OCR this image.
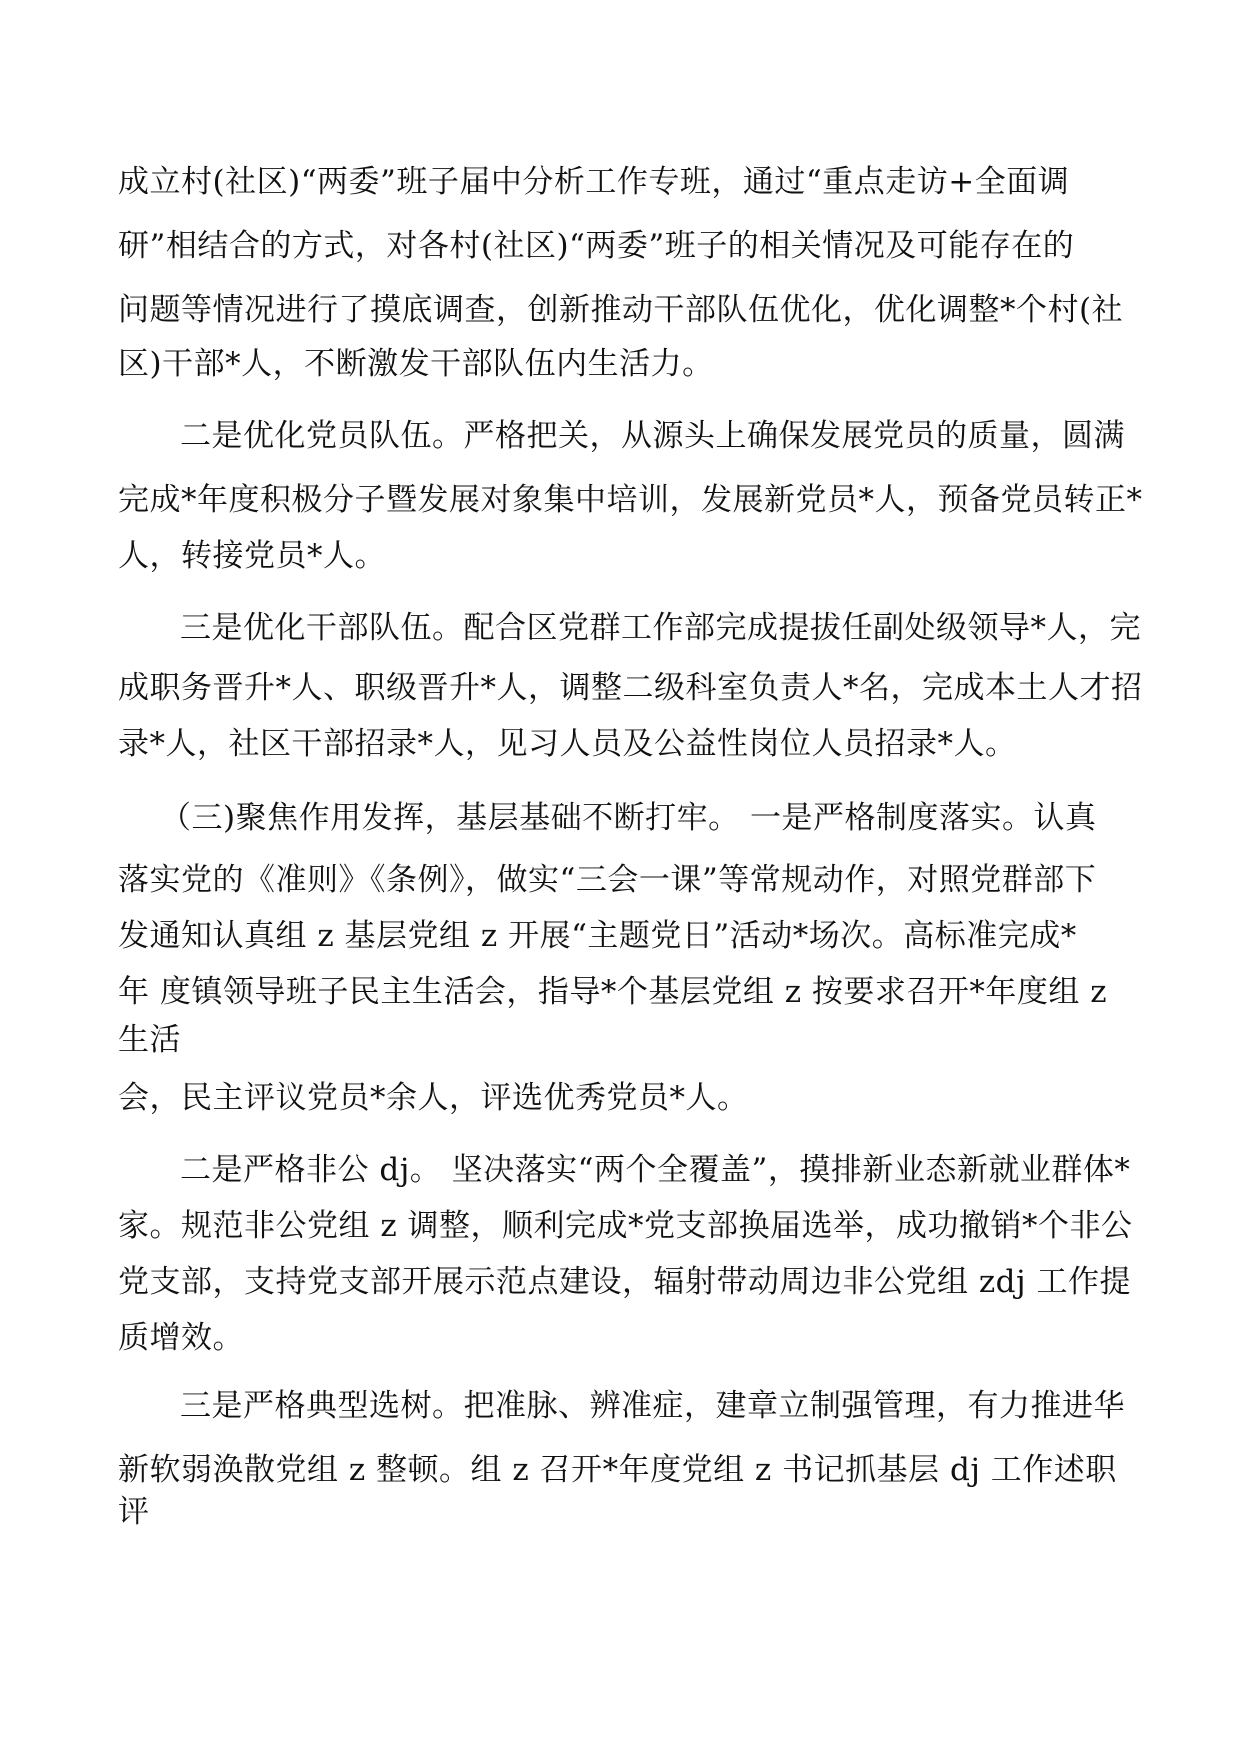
成立村(社区)“两委”班子届中分析工作专班，通过“重点走访+全面调
研”相结合的方式，对各村(社区)“两委”班子的相关情况及可能存在的
问题等情况进行了摸底调查，创新推动干部队伍优化，优化调整*个村(社
区)干部*人，不断激发干部队伍内生活力。
二是优化党员队伍。严格把关，从源头上确保发展党员的质量，圆满
完成*年度积极分子暨发展对象集中培训，发展新党员*人，预备党员转正*
人，转接党员*人。
三是优化干部队伍。配合区党群工作部完成提拔任副处级领导*人，完
成职务晋升*人、职级晋升*人，调整二级科室负责人*名，完成本土人才招
录*人，社区干部招录*人，见习人员及公益性岗位人员招录*人。
（三)聚焦作用发挥，基层基础不断打牢。 一是严格制度落实。认真
落实党的《准则》《条例》，做实“三会一课”等常规动作，对照党群部下
发通知认真组 z 基层党组 z 开展“主题党日”活动*场次。高标准完成*
年 度镇领导班子民主生活会，指导*个基层党组 z 按要求召开*年度组 z
生活
会，民主评议党员*余人，评选优秀党员*人。
二是严格非公 dj。 坚决落实“两个全覆盖”，摸排新业态新就业群体*
家。规范非公党组 z 调整，顺利完成*党支部换届选举，成功撤销*个非公
党支部，支持党支部开展示范点建设，辐射带动周边非公党组 zdj 工作提
质增效。
三是严格典型选树。把准脉、辨准症，建章立制强管理，有力推进华
新软弱涣散党组 z 整顿。组 z 召开*年度党组 z 书记抓基层 dj 工作述职
评
